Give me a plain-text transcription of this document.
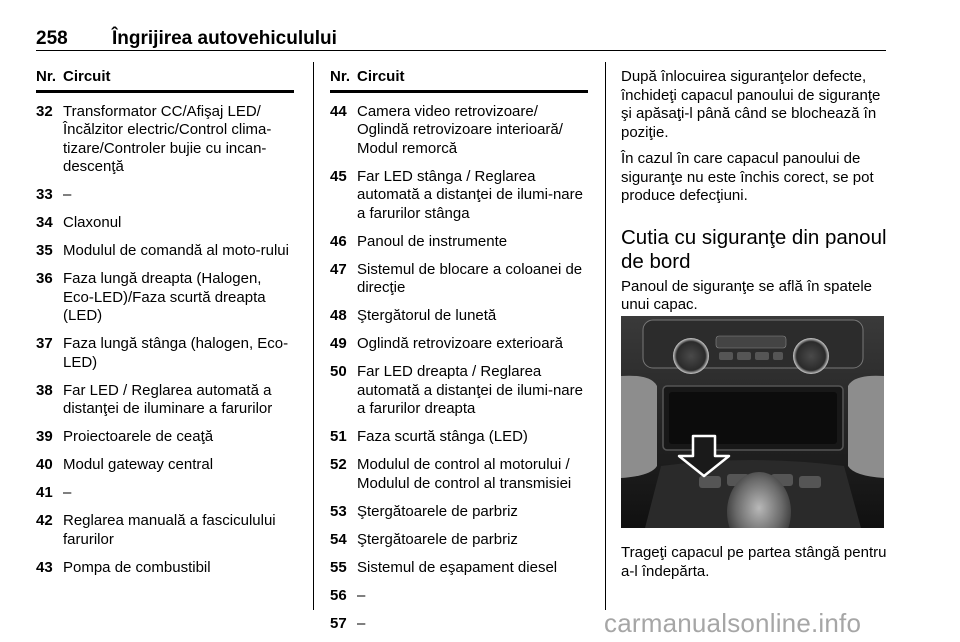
258 Îngrijirea autovehiculului
Nr. Circuit
32 Transformator CC/Afişaj LED/ Încălzitor electric/Control clima-tizare/Controler bujie cu incan-descenţă
33 –
34 Claxonul
35 Modulul de comandă al moto-rului
36 Faza lungă dreapta (Halogen, Eco-LED)/Faza scurtă dreapta (LED)
37 Faza lungă stânga (halogen, Eco-LED)
38 Far LED / Reglarea automată a distanţei de iluminare a farurilor
39 Proiectoarele de ceaţă
40 Modul gateway central
41 –
42 Reglarea manuală a fasciculului farurilor
43 Pompa de combustibil
Nr. Circuit
44 Camera video retrovizoare/ Oglindă retrovizoare interioară/ Modul remorcă
45 Far LED stânga / Reglarea automată a distanţei de ilumi-nare a farurilor stânga
46 Panoul de instrumente
47 Sistemul de blocare a coloanei de direcţie
48 Ştergătorul de lunetă
49 Oglindă retrovizoare exterioară
50 Far LED dreapta / Reglarea automată a distanţei de ilumi-nare a farurilor dreapta
51 Faza scurtă stânga (LED)
52 Modulul de control al motorului / Modulul de control al transmisiei
53 Ştergătoarele de parbriz
54 Ştergătoarele de parbriz
55 Sistemul de eşapament diesel
56 –
57 –

După înlocuirea siguranţelor defecte, închideţi capacul panoului de siguranţe şi apăsaţi-l până când se blochează în poziţie.

În cazul în care capacul panoului de siguranţe nu este închis corect, se pot produce defecţiuni.

Cutia cu siguranţe din panoul de bord

Panoul de siguranţe se află în spatele unui capac.

Trageţi capacul pe partea stângă pentru a-l îndepărta.
carmanualsonline.info
